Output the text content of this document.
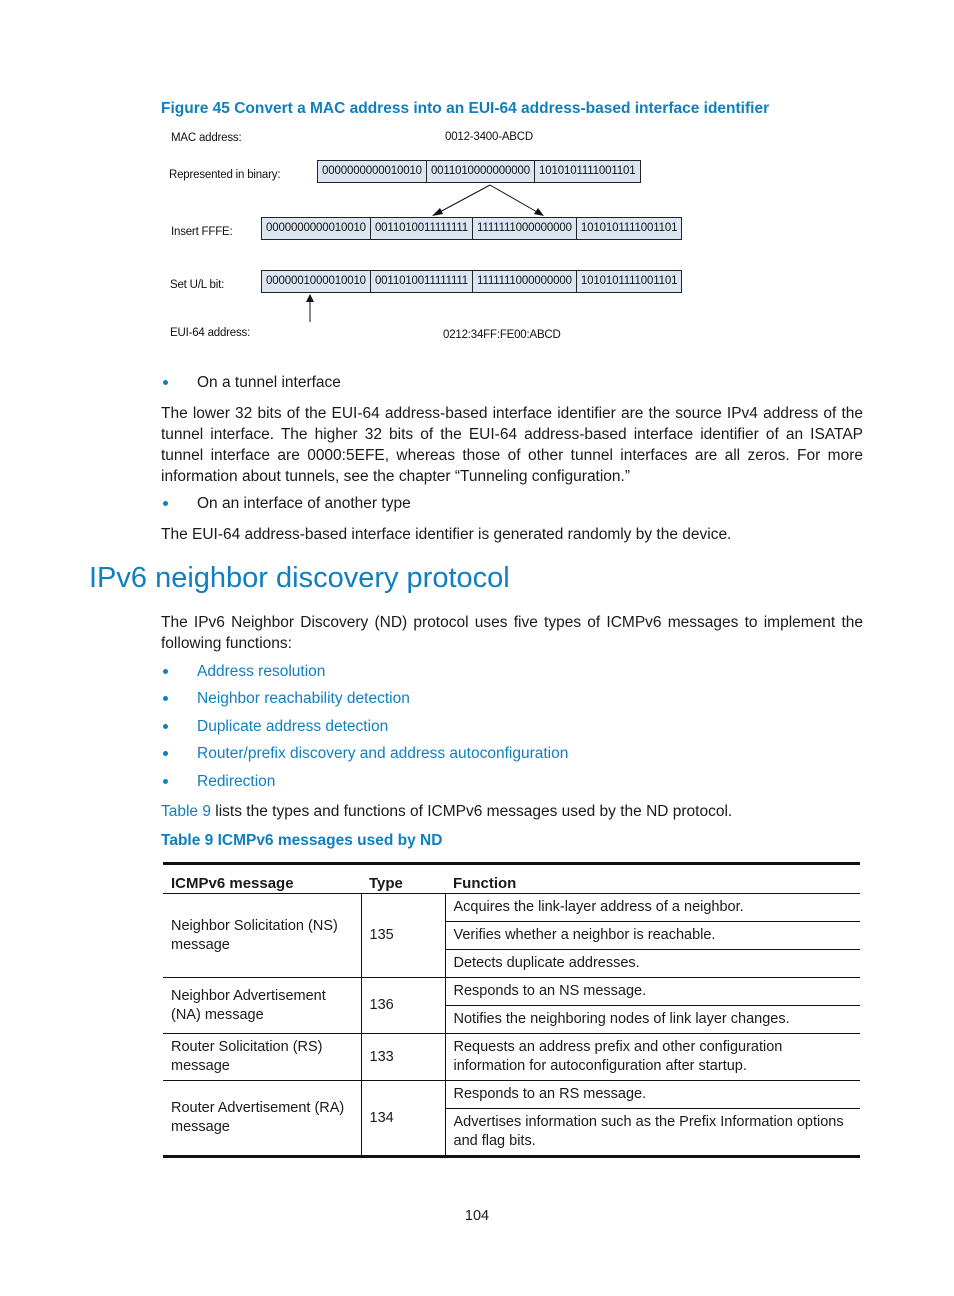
Figure 45 Convert a MAC address into an EUI-64 address-based interface identifier
MAC address:	0012-3400-ABCD
Represented in binary:	0000000000010010 0011010000000000 1010101111001101
Insert FFFE:	0000000000010010 0011010011111111 1111111000000000 1010101111001101
Set U/L bit:	0000001000010010 0011010011111111 1111111000000000 1010101111001101
EUI-64 address:	0212:34FF:FE00:ABCD
On a tunnel interface
The lower 32 bits of the EUI-64 address-based interface identifier are the source IPv4 address of the tunnel interface. The higher 32 bits of the EUI-64 address-based interface identifier of an ISATAP tunnel interface are 0000:5EFE, whereas those of other tunnel interfaces are all zeros. For more information about tunnels, see the chapter “Tunneling configuration.”
On an interface of another type
The EUI-64 address-based interface identifier is generated randomly by the device.
IPv6 neighbor discovery protocol
The IPv6 Neighbor Discovery (ND) protocol uses five types of ICMPv6 messages to implement the following functions:
Address resolution
Neighbor reachability detection
Duplicate address detection
Router/prefix discovery and address autoconfiguration
Redirection
Table 9 lists the types and functions of ICMPv6 messages used by the ND protocol.
Table 9 ICMPv6 messages used by ND
ICMPv6 message	Type	Function
Neighbor Solicitation (NS) message	135	Acquires the link-layer address of a neighbor.
		Verifies whether a neighbor is reachable.
		Detects duplicate addresses.
Neighbor Advertisement (NA) message	136	Responds to an NS message.
		Notifies the neighboring nodes of link layer changes.
Router Solicitation (RS) message	133	Requests an address prefix and other configuration information for autoconfiguration after startup.
Router Advertisement (RA) message	134	Responds to an RS message.
		Advertises information such as the Prefix Information options and flag bits.
104
